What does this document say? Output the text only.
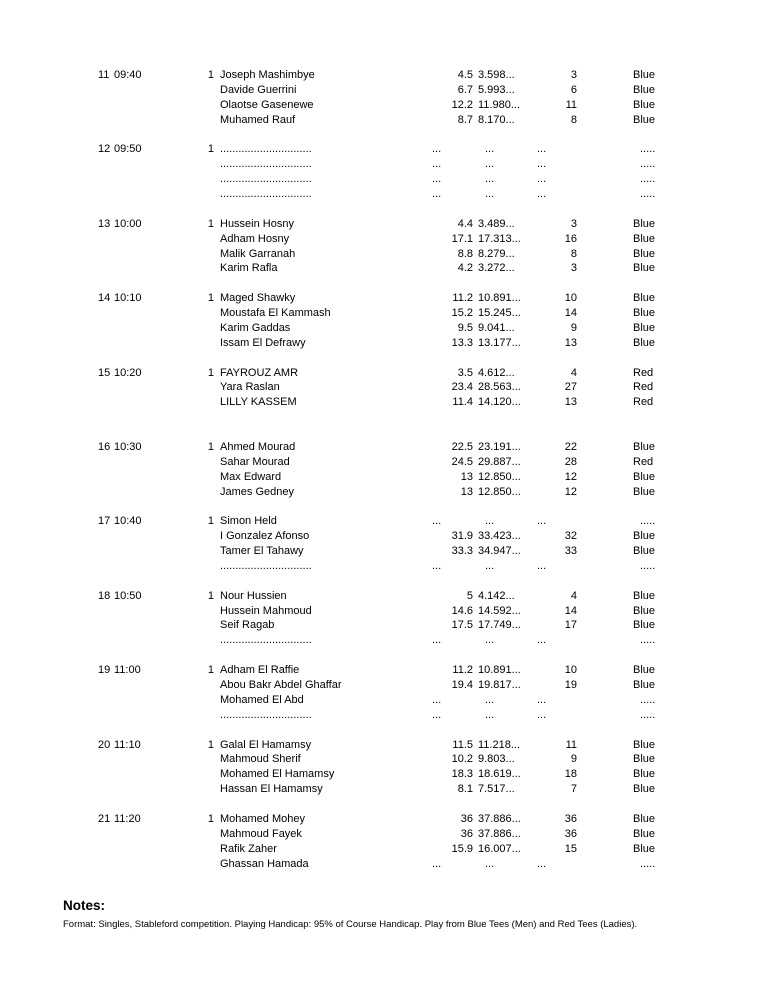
11 09:40	1 Joseph Mashimbye	4.5 3.598...	3	Blue
Davide Guerrini	6.7 5.993...	6	Blue
Olaotse Gasenewe	12.2 11.980...	11	Blue
Muhamed Rauf	8.7 8.170...	8	Blue
12 09:50	1 ..............................	...	...	...	.....
..............................	...	...	...	.....
..............................	...	...	...	.....
..............................	...	...	...	.....
13 10:00	1 Hussein Hosny	4.4 3.489...	3	Blue
Adham Hosny	17.1 17.313...	16	Blue
Malik Garranah	8.8 8.279...	8	Blue
Karim Rafla	4.2 3.272...	3	Blue
14 10:10	1 Maged Shawky	11.2 10.891...	10	Blue
Moustafa El Kammash	15.2 15.245...	14	Blue
Karim Gaddas	9.5 9.041...	9	Blue
Issam El Defrawy	13.3 13.177...	13	Blue
15 10:20	1 FAYROUZ AMR	3.5 4.612...	4	Red
Yara Raslan	23.4 28.563...	27	Red
LILLY KASSEM	11.4 14.120...	13	Red
16 10:30	1 Ahmed Mourad	22.5 23.191...	22	Blue
Sahar Mourad	24.5 29.887...	28	Red
Max Edward	13 12.850...	12	Blue
James Gedney	13 12.850...	12	Blue
17 10:40	1 Simon Held	...	...	...	.....
I Gonzalez Afonso	31.9 33.423...	32	Blue
Tamer El Tahawy	33.3 34.947...	33	Blue
..............................	...	...	...	.....
18 10:50	1 Nour Hussien	5 4.142...	4	Blue
Hussein Mahmoud	14.6 14.592...	14	Blue
Seif Ragab	17.5 17.749...	17	Blue
..............................	...	...	...	.....
19 11:00	1 Adham El Raffie	11.2 10.891...	10	Blue
Abou Bakr Abdel Ghaffar	19.4 19.817...	19	Blue
Mohamed El Abd	...	...	...	.....
..............................	...	...	...	.....
20 11:10	1 Galal El Hamamsy	11.5 11.218...	11	Blue
Mahmoud Sherif	10.2 9.803...	9	Blue
Mohamed El Hamamsy	18.3 18.619...	18	Blue
Hassan El Hamamsy	8.1 7.517...	7	Blue
21 11:20	1 Mohamed Mohey	36 37.886...	36	Blue
Mahmoud Fayek	36 37.886...	36	Blue
Rafik Zaher	15.9 16.007...	15	Blue
Ghassan Hamada	...	...	...	.....
Notes:
Format: Singles, Stableford competition. Playing Handicap: 95% of Course Handicap. Play from Blue Tees (Men) and Red Tees (Ladies).
